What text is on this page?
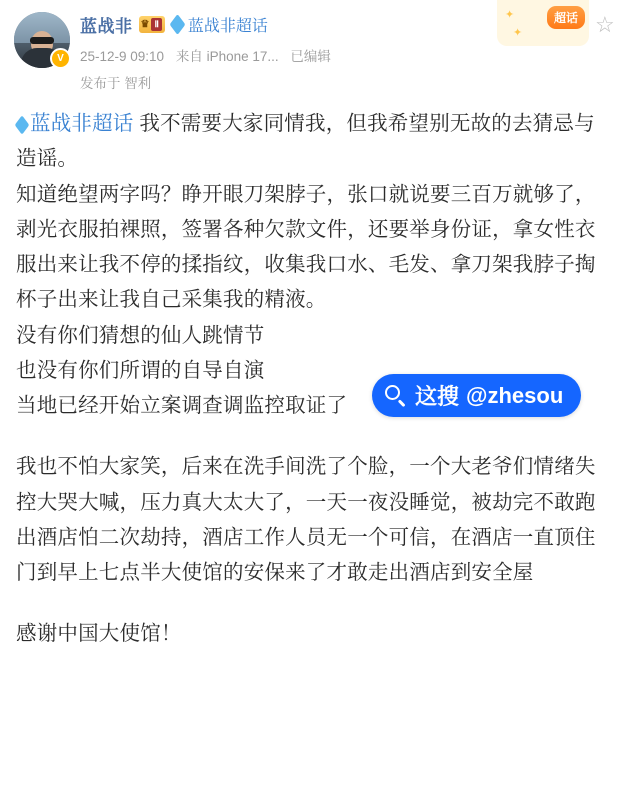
✦
✦
超话 ☆
V
蓝战非 ♛ Ⅱ 蓝战非超话
25-12-9 09:10 来自 iPhone 17... 已编辑
发布于 智利

蓝战非超话 我不需要大家同情我，但我希望别无故的去猜忌与造谣。

知道绝望两字吗？睁开眼刀架脖子，张口就说要三百万就够了，剥光衣服拍裸照，签署各种欠款文件，还要举身份证，拿女性衣服出来让我不停的揉指纹，收集我口水、毛发、拿刀架我脖子掏杯子出来让我自己采集我的精液。

没有你们猜想的仙人跳情节

也没有你们所谓的自导自演

当地已经开始立案调查调监控取证了

我也不怕大家笑，后来在洗手间洗了个脸，一个大老爷们情绪失控大哭大喊，压力真大太大了，一天一夜没睡觉，被劫完不敢跑出酒店怕二次劫持，酒店工作人员无一个可信，在酒店一直顶住门到早上七点半大使馆的安保来了才敢走出酒店到安全屋

感谢中国大使馆！

这搜 @zhesou
